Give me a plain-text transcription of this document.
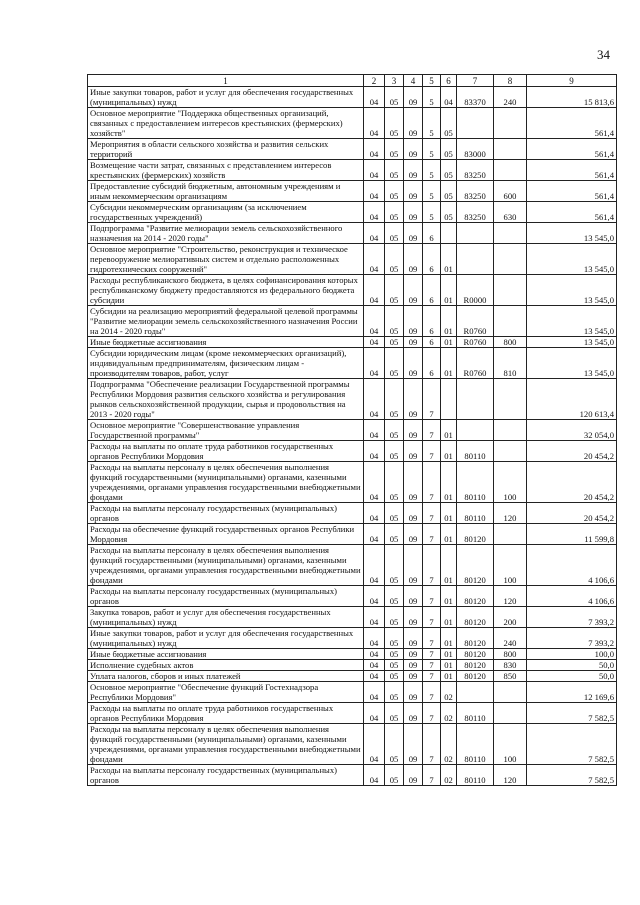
34
1	2	3	4	5	6	7	8	9
Иные закупки товаров, работ и услуг для обеспечения государственных (муниципальных) нужд	04	05	09	5	04	83370	240	15 813,6
Основное мероприятие "Поддержка общественных организаций, связанных с предоставлением интересов крестьянских (фермерских) хозяйств"	04	05	09	5	05			561,4
Мероприятия в области сельского хозяйства и развития сельских территорий	04	05	09	5	05	83000		561,4
Возмещение части затрат, связанных с представлением интересов крестьянских (фермерских) хозяйств	04	05	09	5	05	83250		561,4
Предоставление субсидий бюджетным, автономным учреждениям и иным некоммерческим организациям	04	05	09	5	05	83250	600	561,4
Субсидии некоммерческим организациям (за исключением государственных учреждений)	04	05	09	5	05	83250	630	561,4
Подпрограмма "Развитие мелиорации земель сельскохозяйственного назначения на 2014 - 2020 годы"	04	05	09	6				13 545,0
Основное мероприятие "Строительство, реконструкция и техническое перевооружение мелиоративных систем и отдельно расположенных гидротехнических сооружений"	04	05	09	6	01			13 545,0
Расходы республиканского бюджета, в целях софинансирования которых республиканскому бюджету предоставляются из федерального бюджета субсидии	04	05	09	6	01	R0000		13 545,0
Субсидии на реализацию мероприятий федеральной целевой программы "Развитие мелиорации земель сельскохозяйственного назначения России на 2014 - 2020 годы"	04	05	09	6	01	R0760		13 545,0
Иные бюджетные ассигнования	04	05	09	6	01	R0760	800	13 545,0
Субсидии юридическим лицам (кроме некоммерческих организаций), индивидуальным предпринимателям, физическим лицам - производителям товаров, работ, услуг	04	05	09	6	01	R0760	810	13 545,0
Подпрограмма "Обеспечение реализации Государственной программы Республики Мордовия развития сельского хозяйства и регулирования рынков сельскохозяйственной продукции, сырья и продовольствия на 2013 - 2020 годы"	04	05	09	7				120 613,4
Основное мероприятие "Совершенствование управления Государственной программы"	04	05	09	7	01			32 054,0
Расходы на выплаты по оплате труда работников государственных органов Республики Мордовия	04	05	09	7	01	80110		20 454,2
Расходы на выплаты персоналу в целях обеспечения выполнения функций государственными (муниципальными) органами, казенными учреждениями, органами управления государственными внебюджетными фондами	04	05	09	7	01	80110	100	20 454,2
Расходы на выплаты персоналу государственных (муниципальных) органов	04	05	09	7	01	80110	120	20 454,2
Расходы на обеспечение функций государственных органов Республики Мордовия	04	05	09	7	01	80120		11 599,8
Расходы на выплаты персоналу в целях обеспечения выполнения функций государственными (муниципальными) органами, казенными учреждениями, органами управления государственными внебюджетными фондами	04	05	09	7	01	80120	100	4 106,6
Расходы на выплаты персоналу государственных (муниципальных) органов	04	05	09	7	01	80120	120	4 106,6
Закупка товаров, работ и услуг для обеспечения государственных (муниципальных) нужд	04	05	09	7	01	80120	200	7 393,2
Иные закупки товаров, работ и услуг для обеспечения государственных (муниципальных) нужд	04	05	09	7	01	80120	240	7 393,2
Иные бюджетные ассигнования	04	05	09	7	01	80120	800	100,0
Исполнение судебных актов	04	05	09	7	01	80120	830	50,0
Уплата налогов, сборов и иных платежей	04	05	09	7	01	80120	850	50,0
Основное мероприятие "Обеспечение функций Гостехнадзора Республики Мордовия"	04	05	09	7	02			12 169,6
Расходы на выплаты по оплате труда работников государственных органов Республики Мордовия	04	05	09	7	02	80110		7 582,5
Расходы на выплаты персоналу в целях обеспечения выполнения функций государственными (муниципальными) органами, казенными учреждениями, органами управления государственными внебюджетными фондами	04	05	09	7	02	80110	100	7 582,5
Расходы на выплаты персоналу государственных (муниципальных) органов	04	05	09	7	02	80110	120	7 582,5
